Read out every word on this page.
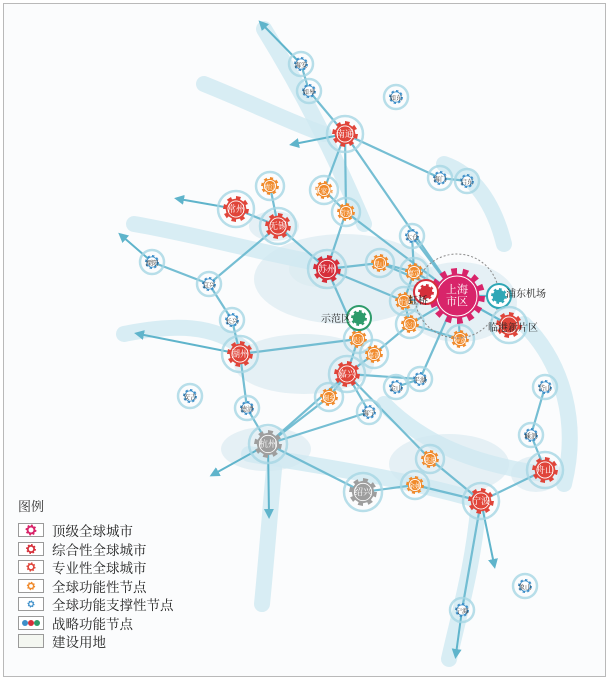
海安
如皋
如东
南通
海门 启东
靖江	张家港
常熟
常州
无锡
太仓
溧阳
宜兴
苏州
昆山
嘉定
长兴
湖州
吴江
青浦
松江
嘉善
奉贤
嘉兴	平湖
金山
桐乡
海宁
德清
安吉
杭州
绍兴
慈溪
余姚
宁波
岱山
嵊泗
舟山
象山
宁海
上海
市区
虹桥
浦东机场
临港新片区
示范区
图例
顶级全球城市
综合性全球城市
专业性全球城市
全球功能性节点
全球功能支撑性节点
战略功能节点
建设用地
